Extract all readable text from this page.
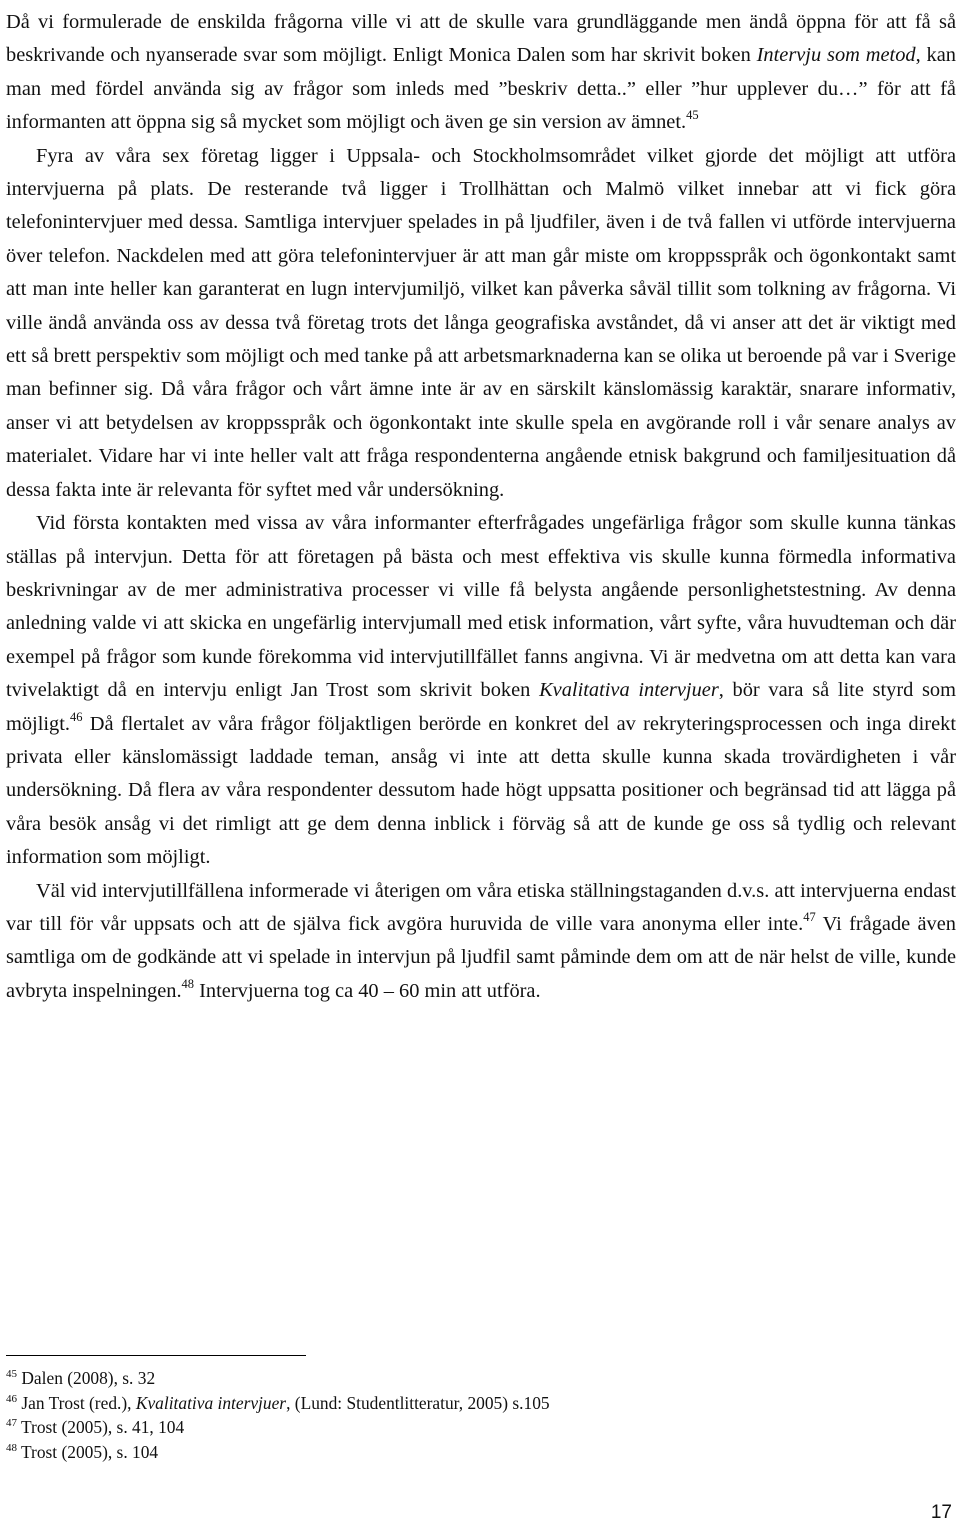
Då vi formulerade de enskilda frågorna ville vi att de skulle vara grundläggande men ändå öppna för att få så beskrivande och nyanserade svar som möjligt. Enligt Monica Dalen som har skrivit boken Intervju som metod, kan man med fördel använda sig av frågor som inleds med ”beskriv detta..” eller ”hur upplever du…” för att få informanten att öppna sig så mycket som möjligt och även ge sin version av ämnet.$^{45}$

Fyra av våra sex företag ligger i Uppsala- och Stockholmsområdet vilket gjorde det möjligt att utföra intervjuerna på plats. De resterande två ligger i Trollhättan och Malmö vilket innebar att vi fick göra telefonintervjuer med dessa. Samtliga intervjuer spelades in på ljudfiler, även i de två fallen vi utförde intervjuerna över telefon. Nackdelen med att göra telefonintervjuer är att man går miste om kroppsspråk och ögonkontakt samt att man inte heller kan garanterat en lugn intervjumiljö, vilket kan påverka såväl tillit som tolkning av frågorna. Vi ville ändå använda oss av dessa två företag trots det långa geografiska avståndet, då vi anser att det är viktigt med ett så brett perspektiv som möjligt och med tanke på att arbetsmarknaderna kan se olika ut beroende på var i Sverige man befinner sig. Då våra frågor och vårt ämne inte är av en särskilt känslomässig karaktär, snarare informativ, anser vi att betydelsen av kroppsspråk och ögonkontakt inte skulle spela en avgörande roll i vår senare analys av materialet. Vidare har vi inte heller valt att fråga respondenterna angående etnisk bakgrund och familjesituation då dessa fakta inte är relevanta för syftet med vår undersökning.

Vid första kontakten med vissa av våra informanter efterfrågades ungefärliga frågor som skulle kunna tänkas ställas på intervjun. Detta för att företagen på bästa och mest effektiva vis skulle kunna förmedla informativa beskrivningar av de mer administrativa processer vi ville få belysta angående personlighetstestning. Av denna anledning valde vi att skicka en ungefärlig intervjumall med etisk information, vårt syfte, våra huvudteman och där exempel på frågor som kunde förekomma vid intervjutillfället fanns angivna. Vi är medvetna om att detta kan vara tvivelaktigt då en intervju enligt Jan Trost som skrivit boken Kvalitativa intervjuer, bör vara så lite styrd som möjligt.$^{46}$ Då flertalet av våra frågor följaktligen berörde en konkret del av rekryteringsprocessen och inga direkt privata eller känslomässigt laddade teman, ansåg vi inte att detta skulle kunna skada trovärdigheten i vår undersökning. Då flera av våra respondenter dessutom hade högt uppsatta positioner och begränsad tid att lägga på våra besök ansåg vi det rimligt att ge dem denna inblick i förväg så att de kunde ge oss så tydlig och relevant information som möjligt.

Väl vid intervjutillfällena informerade vi återigen om våra etiska ställningstaganden d.v.s. att intervjuerna endast var till för vår uppsats och att de själva fick avgöra huruvida de ville vara anonyma eller inte.$^{47}$ Vi frågade även samtliga om de godkände att vi spelade in intervjun på ljudfil samt påminde dem om att de när helst de ville, kunde avbryta inspelningen.$^{48}$ Intervjuerna tog ca 40 – 60 min att utföra.

$^{45}$ Dalen (2008), s. 32

$^{46}$ Jan Trost (red.), Kvalitativa intervjuer, (Lund: Studentlitteratur, 2005) s.105

$^{47}$ Trost (2005), s. 41, 104

$^{48}$ Trost (2005), s. 104

17
